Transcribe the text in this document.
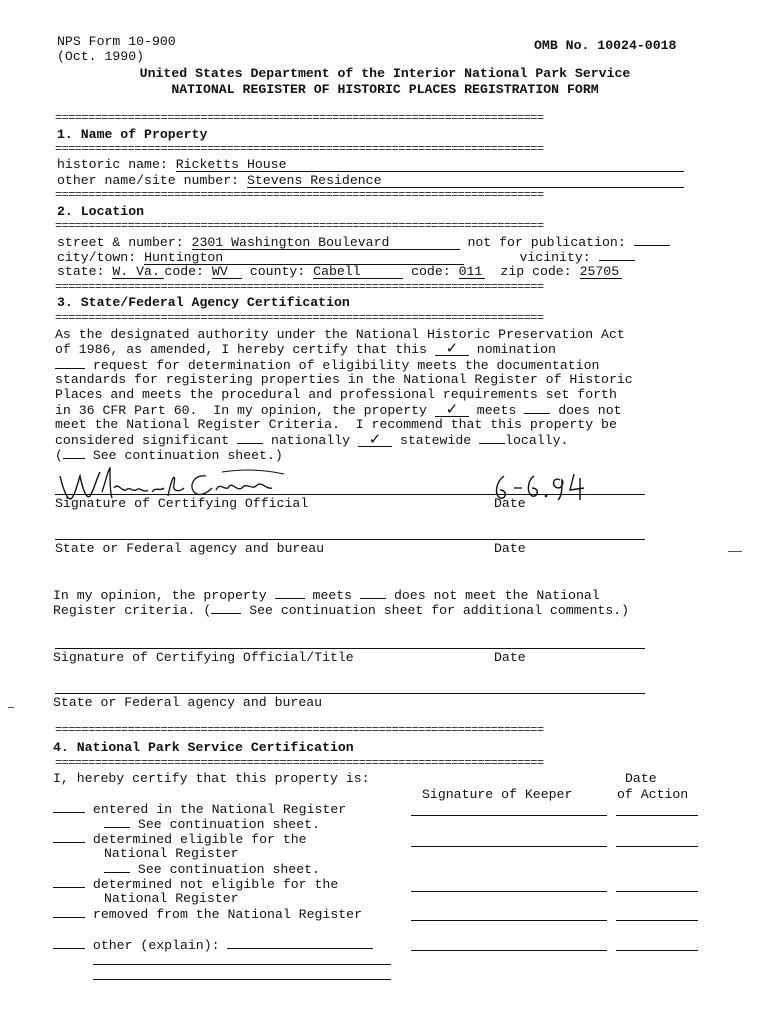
NPS Form 10-900
(Oct. 1990)
OMB No. 10024-0018
United States Department of the Interior National Park Service
NATIONAL REGISTER OF HISTORIC PLACES REGISTRATION FORM
==========================================================================
1. Name of Property
==========================================================================
historic name: Ricketts House
other name/site number: Stevens Residence
==========================================================================
2. Location
==========================================================================
street & number: 2301 Washington Boulevard	not for publication:
city/town: Huntington	vicinity:
state: W. Va. code: WV county: Cabell	code: 011 zip code: 25705
==========================================================================
3. State/Federal Agency Certification
==========================================================================
As the designated authority under the National Historic Preservation Act
of 1986, as amended, I hereby certify that this ✓ nomination
request for determination of eligibility meets the documentation
standards for registering properties in the National Register of Historic
Places and meets the procedural and professional requirements set forth
in 36 CFR Part 60.  In my opinion, the property ✓ meets	does not
meet the National Register Criteria.  I recommend that this property be
considered significant	nationally ✓ statewide	locally.
( See continuation sheet.)
Signature of Certifying Official	Date
State or Federal agency and bureau	Date
In my opinion, the property	meets	does not meet the National
Register criteria. (	See continuation sheet for additional comments.)
Signature of Certifying Official/Title	Date
State or Federal agency and bureau
==========================================================================
4. National Park Service Certification
==========================================================================
I, hereby certify that this property is:	Date
Signature of Keeper	of Action
entered in the National Register
See continuation sheet.
determined eligible for the
National Register
See continuation sheet.
determined not eligible for the
National Register
removed from the National Register
other (explain):
